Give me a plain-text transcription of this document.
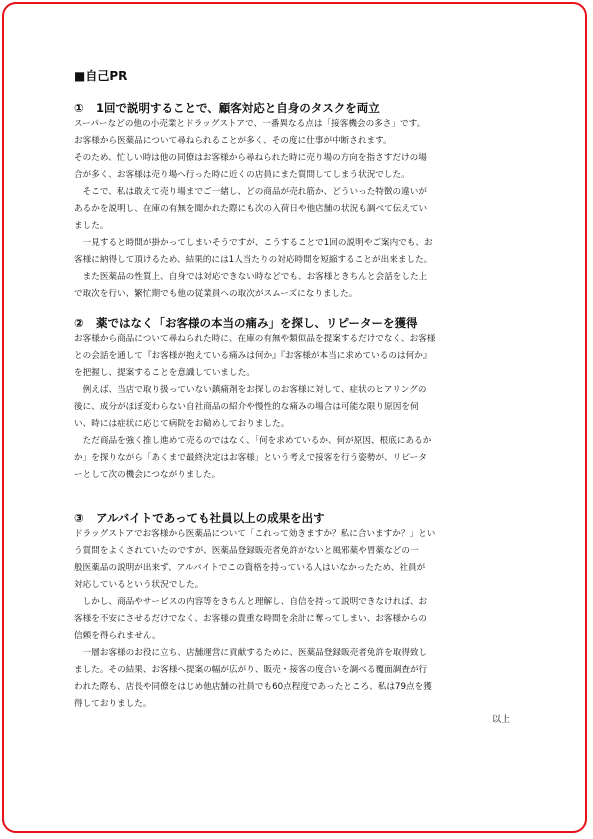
■自己PR

① 1回で説明することで、顧客対応と自身のタスクを両立

スーパーなどの他の小売業とドラッグストアで、一番異なる点は「接客機会の多さ」です。

お客様から医薬品について尋ねられることが多く、その度に仕事が中断されます。

そのため、忙しい時は他の同僚はお客様から尋ねられた時に売り場の方向を指さすだけの場

合が多く、お客様は売り場へ行った時に近くの店員にまた質問してしまう状況でした。

　そこで、私は敢えて売り場までご一緒し、どの商品が売れ筋か、どういった特徴の違いが

あるかを説明し、在庫の有無を聞かれた際にも次の入荷日や他店舗の状況も調べて伝えてい

ました。

　一見すると時間が掛かってしまいそうですが、こうすることで1回の説明やご案内でも、お

客様に納得して頂けるため、結果的には1人当たりの対応時間を短縮することが出来ました。

　また医薬品の性質上、自身では対応できない時などでも、お客様ときちんと会話をした上

で取次を行い、繁忙期でも他の従業員への取次がスムーズになりました。

② 薬ではなく「お客様の本当の痛み」を探し、リピーターを獲得

お客様から商品について尋ねられた時に、在庫の有無や類似品を提案するだけでなく、お客様

との会話を通して『お客様が抱えている痛みは何か』『お客様が本当に求めているのは何か』

を把握し、提案することを意識していました。

　例えば、当店で取り扱っていない鎮痛剤をお探しのお客様に対して、症状のヒアリングの

後に、成分がほぼ変わらない自社商品の紹介や慢性的な痛みの場合は可能な限り原因を伺

い、時には症状に応じて病院をお勧めしておりました。

　ただ商品を強く推し進めて売るのではなく、「何を求めているか、何が原因、根底にあるか

か」を探りながら「あくまで最終決定はお客様」という考えで接客を行う姿勢が、リピータ

ーとして次の機会につながりました。

③ アルバイトであっても社員以上の成果を出す

ドラッグストアでお客様から医薬品について「これって効きますか？私に合いますか？」とい

う質問をよくされていたのですが、医薬品登録販売者免許がないと風邪薬や胃薬などの一

般医薬品の説明が出来ず、アルバイトでこの資格を持っている人はいなかったため、社員が

対応しているという状況でした。

　しかし、商品やサービスの内容等をきちんと理解し、自信を持って説明できなければ、お

客様を不安にさせるだけでなく、お客様の貴重な時間を余計に奪ってしまい、お客様からの

信頼を得られません。

　一層お客様のお役に立ち、店舗運営に貢献するために、医薬品登録販売者免許を取得致し

ました。その結果、お客様へ提案の幅が広がり、販売・接客の度合いを調べる覆面調査が行

われた際も、店長や同僚をはじめ他店舗の社員でも60点程度であったところ、私は79点を獲

得しておりました。

以上
